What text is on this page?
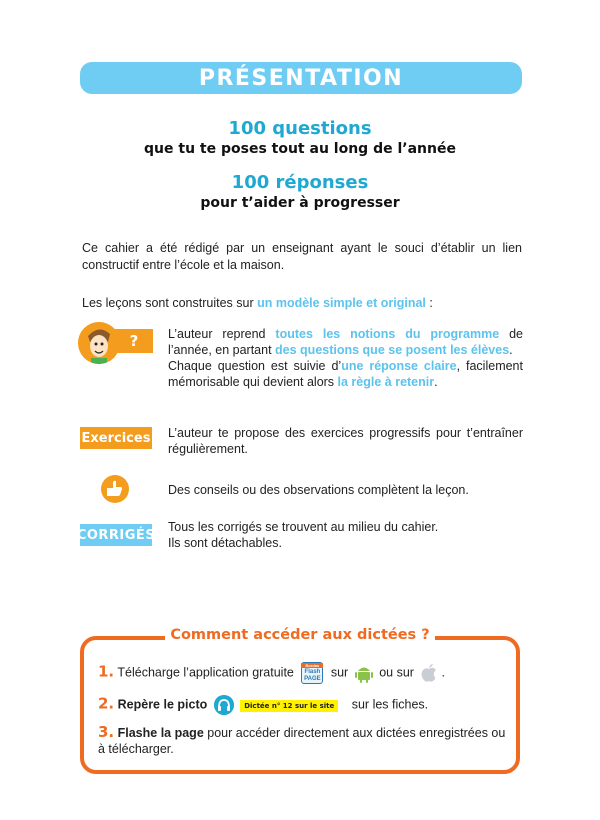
PRÉSENTATION
100 questions
que tu te poses tout au long de l’année
100 réponses
pour t’aider à progresser
Ce cahier a été rédigé par un enseignant ayant le souci d’établir un lien constructif entre l’école et la maison.
Les leçons sont construites sur un modèle simple et original :
?	L’auteur reprend toutes les notions du programme de l’année, en partant des questions que se posent les élèves.
Chaque question est suivie d’une réponse claire, facilement mémorisable qui devient alors la règle à retenir.
Exercices L’auteur te propose des exercices progressifs pour t’entraîner régulièrement.
Des conseils ou des observations complètent la leçon.
CORRIGÉS
Tous les corrigés se trouvent au milieu du cahier.
Ils sont détachables.
Comment accéder aux dictées ?
1. Télécharge l’application gratuite	Bordas
Flash
PAGE sur ou sur .
2. Repère le picto	Dictée n° 12 sur le site sur les fiches.
3. Flashe la page pour accéder directement aux dictées enregistrées ou à télécharger.
